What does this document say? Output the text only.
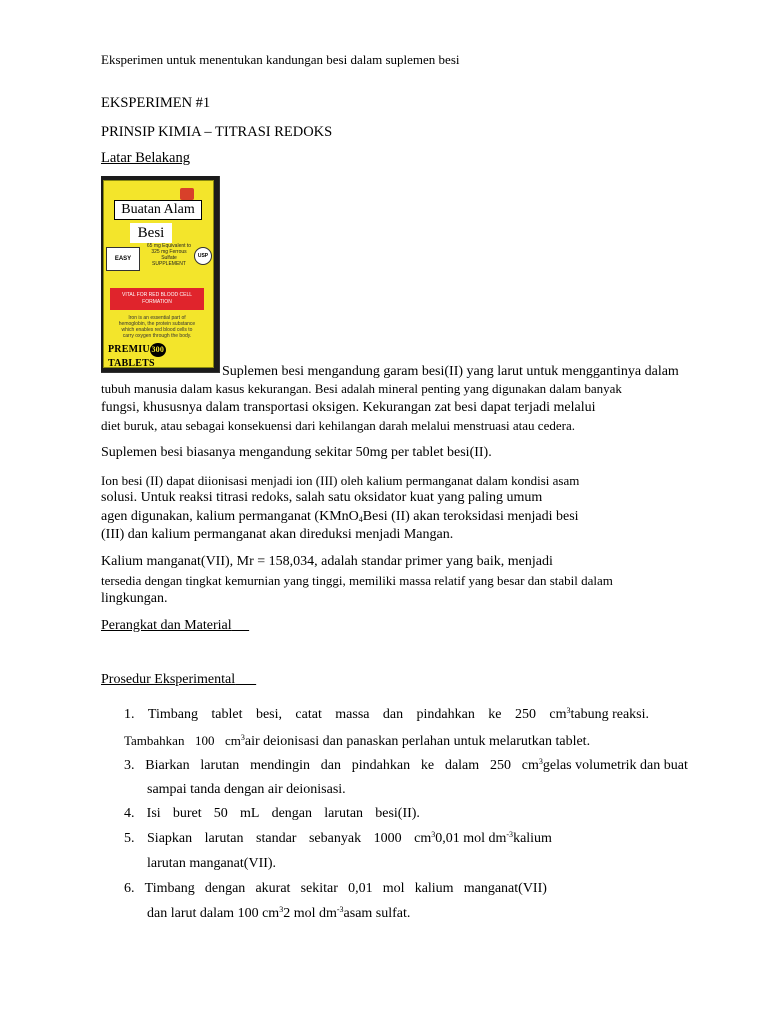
Eksperimen untuk menentukan kandungan besi dalam suplemen besi
EKSPERIMEN #1
PRINSIP KIMIA – TITRASI REDOKS
Latar Belakang
Buatan Alam
Besi
65 mg Equivalent to 325 mg Ferrous Sulfate SUPPLEMENT
EASY	USP
VITAL FOR RED BLOOD CELL FORMATION
Iron is an essential part of hemoglobin, the protein substance which enables red blood cells to carry oxygen through the body.
PREMIU 300 TABLETS
Suplemen besi mengandung garam besi(II) yang larut untuk menggantinya dalam
tubuh manusia dalam kasus kekurangan. Besi adalah mineral penting yang digunakan dalam banyak
fungsi, khususnya dalam transportasi oksigen. Kekurangan zat besi dapat terjadi melalui
diet buruk, atau sebagai konsekuensi dari kehilangan darah melalui menstruasi atau cedera.
Suplemen besi biasanya mengandung sekitar 50mg per tablet besi(II).
Ion besi (II) dapat diionisasi menjadi ion (III) oleh kalium permanganat dalam kondisi asam
solusi. Untuk reaksi titrasi redoks, salah satu oksidator kuat yang paling umum
agen digunakan, kalium permanganat (KMnO$_4$Besi (II) akan teroksidasi menjadi besi
(III) dan kalium permanganat akan direduksi menjadi Mangan.
Kalium manganat(VII), Mr = 158,034, adalah standar primer yang baik, menjadi
tersedia dengan tingkat kemurnian yang tinggi, memiliki massa relatif yang besar dan stabil dalam
lingkungan.
Perangkat dan Material
Prosedur Eksperimental
1. Timbang tablet besi, catat massa dan pindahkan ke 250 $cm^3tabung$ reaksi.
Tambahkan 100 $cm^3air$ deionisasi dan panaskan perlahan untuk melarutkan tablet.
3. Biarkan larutan mendingin dan pindahkan ke dalam 250 $cm^3gelas$ volumetrik dan buat
sampai tanda dengan air deionisasi.
4. Isi buret 50 mL dengan larutan besi(II).
5. Siapkan larutan standar sebanyak 1000 $cm^30,01$ mol $dm^{-3}kalium$
larutan manganat(VII).
6. Timbang dengan akurat sekitar 0,01 mol kalium manganat(VII)
dan larut dalam 100 $cm^32$ mol $dm^{-3}asam$ sulfat.
